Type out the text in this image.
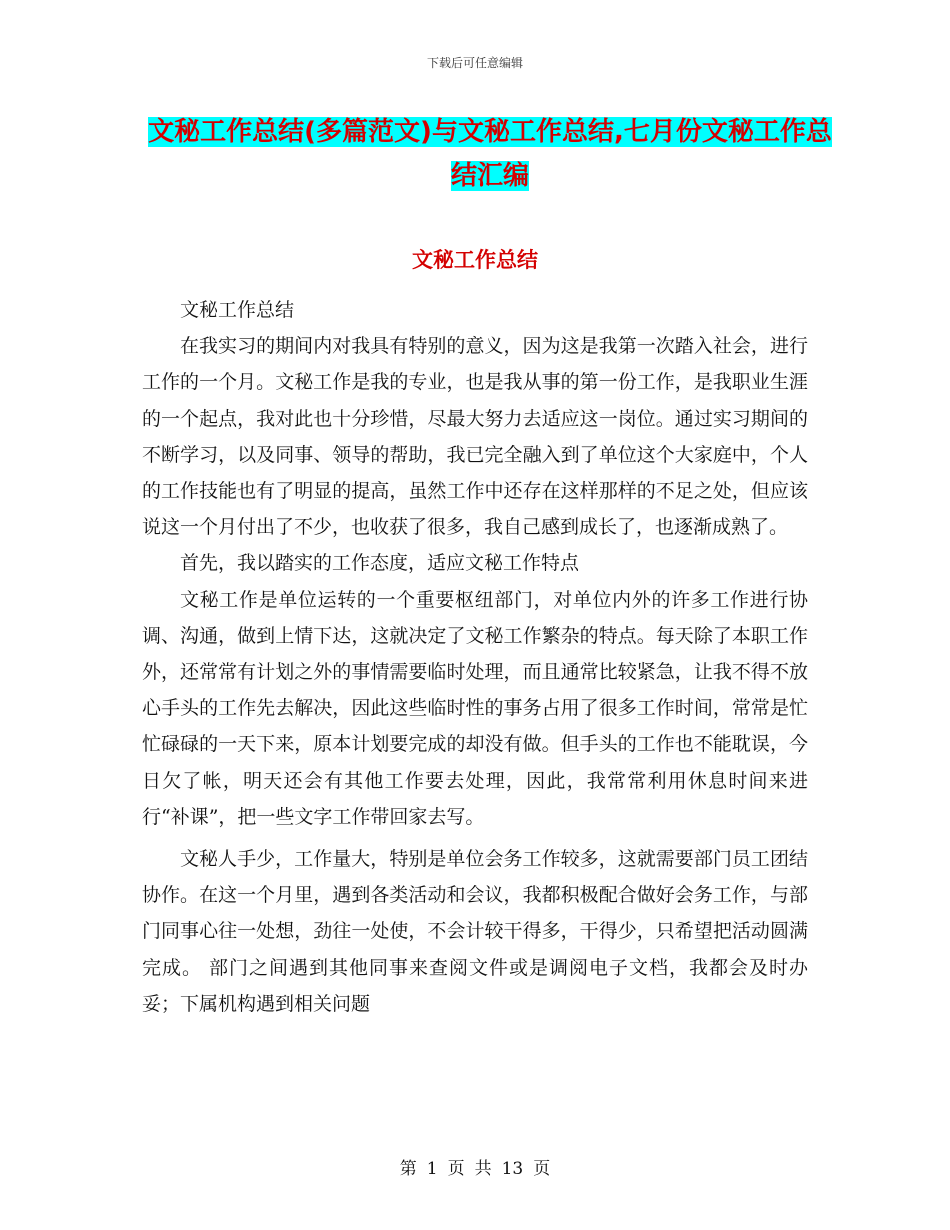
下载后可任意编辑
文秘工作总结(多篇范文)与文秘工作总结,七月份文秘工作总结汇编
文秘工作总结

文秘工作总结

在我实习的期间内对我具有特别的意义，因为这是我第一次踏入社会，进行工作的一个月。文秘工作是我的专业，也是我从事的第一份工作，是我职业生涯的一个起点，我对此也十分珍惜，尽最大努力去适应这一岗位。通过实习期间的不断学习，以及同事、领导的帮助，我已完全融入到了单位这个大家庭中，个人的工作技能也有了明显的提高，虽然工作中还存在这样那样的不足之处，但应该说这一个月付出了不少，也收获了很多，我自己感到成长了，也逐渐成熟了。

首先，我以踏实的工作态度，适应文秘工作特点

文秘工作是单位运转的一个重要枢纽部门，对单位内外的许多工作进行协调、沟通，做到上情下达，这就决定了文秘工作繁杂的特点。每天除了本职工作外，还常常有计划之外的事情需要临时处理，而且通常比较紧急，让我不得不放心手头的工作先去解决，因此这些临时性的事务占用了很多工作时间，常常是忙忙碌碌的一天下来，原本计划要完成的却没有做。但手头的工作也不能耽误，今日欠了帐，明天还会有其他工作要去处理，因此，我常常利用休息时间来进行“补课”，把一些文字工作带回家去写。

文秘人手少，工作量大，特别是单位会务工作较多，这就需要部门员工团结协作。在这一个月里，遇到各类活动和会议，我都积极配合做好会务工作，与部门同事心往一处想，劲往一处使，不会计较干得多，干得少，只希望把活动圆满完成。 部门之间遇到其他同事来查阅文件或是调阅电子文档，我都会及时办妥；下属机构遇到相关问题

第 1 页 共 13 页
